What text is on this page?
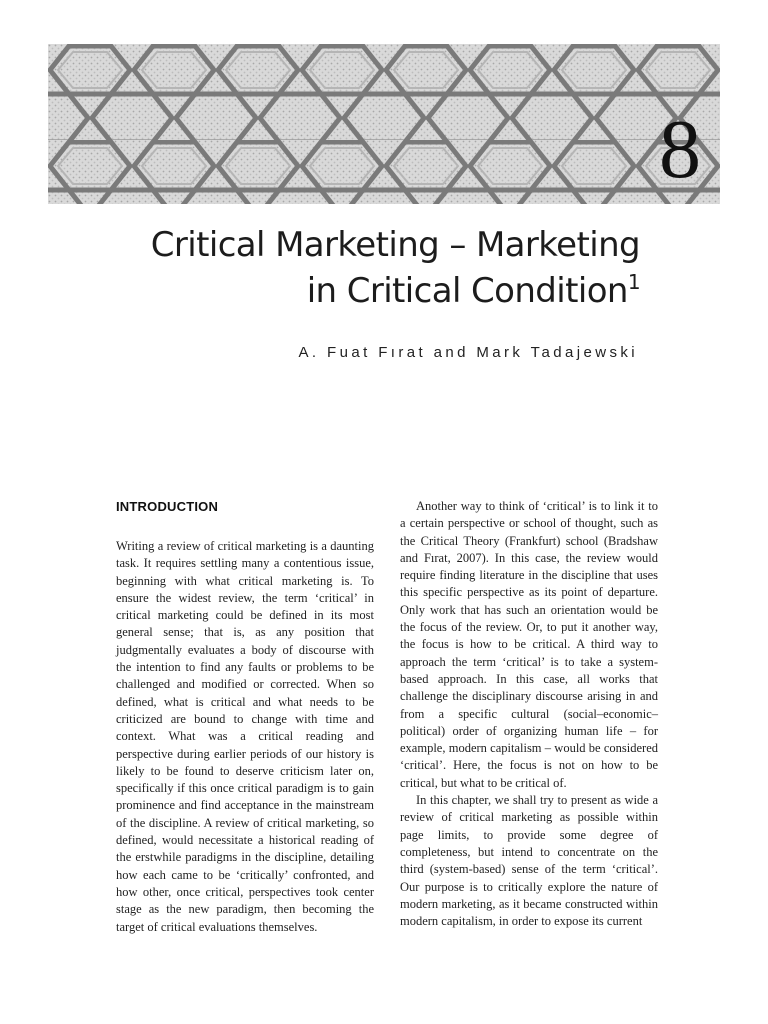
8
Critical Marketing – Marketing
in Critical Condition$^1$
A. Fuat Fırat and Mark Tadajewski
INTRODUCTION

Writing a review of critical marketing is a daunting task. It requires settling many a contentious issue, beginning with what critical marketing is. To ensure the widest review, the term ‘critical’ in critical marketing could be defined in its most general sense; that is, as any position that judgmentally evaluates a body of discourse with the intention to find any faults or problems to be challenged and modified or corrected. When so defined, what is critical and what needs to be criticized are bound to change with time and context. What was a critical reading and perspective during earlier periods of our history is likely to be found to deserve criticism later on, specifically if this once critical paradigm is to gain prominence and find acceptance in the mainstream of the discipline. A review of critical marketing, so defined, would necessitate a historical reading of the erstwhile paradigms in the discipline, detailing how each came to be ‘critically’ confronted, and how other, once critical, perspectives took center stage as the new paradigm, then becoming the target of critical evaluations themselves.

Another way to think of ‘critical’ is to link it to a certain perspective or school of thought, such as the Critical Theory (Frankfurt) school (Bradshaw and Fırat, 2007). In this case, the review would require finding literature in the discipline that uses this specific perspective as its point of departure. Only work that has such an orientation would be the focus of the review. Or, to put it another way, the focus is how to be critical. A third way to approach the term ‘critical’ is to take a system-based approach. In this case, all works that challenge the disciplinary discourse arising in and from a specific cultural (social–economic–political) order of organizing human life – for example, modern capitalism – would be considered ‘critical’. Here, the focus is not on how to be critical, but what to be critical of.

In this chapter, we shall try to present as wide a review of critical marketing as possible within page limits, to provide some degree of completeness, but intend to concentrate on the third (system-based) sense of the term ‘critical’. Our purpose is to critically explore the nature of modern marketing, as it became constructed within modern capitalism, in order to expose its current
